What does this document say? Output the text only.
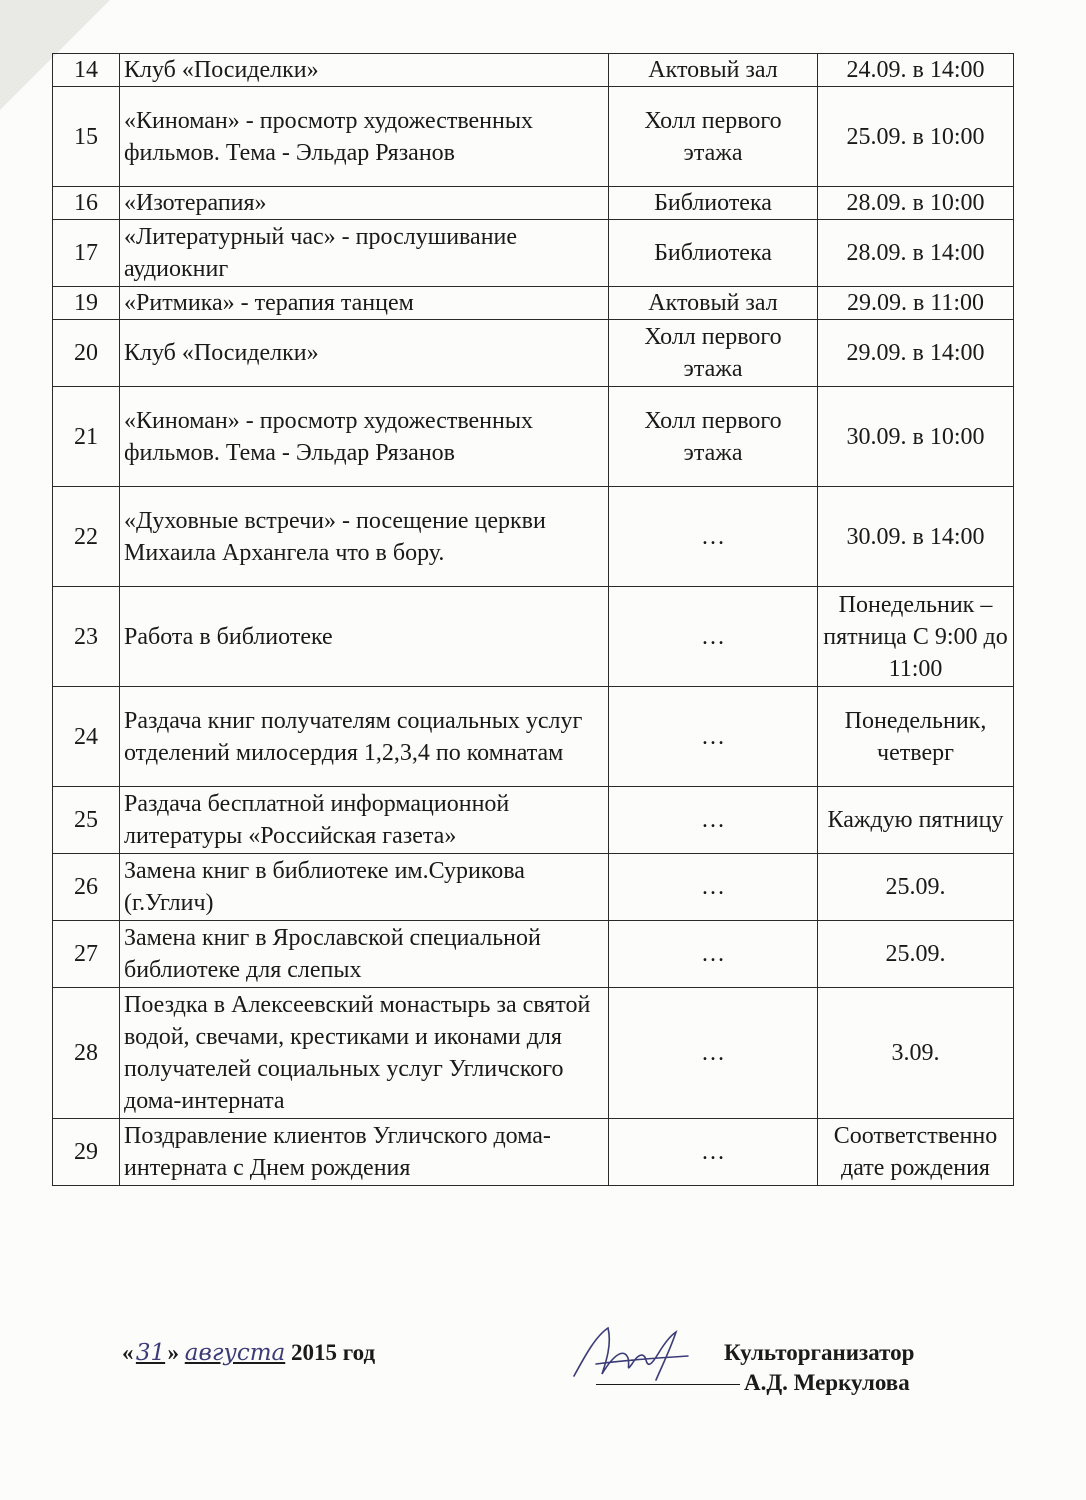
14	Клуб «Посиделки»	Актовый зал	24.09. в 14:00
15	«Киноман» - просмотр художественных фильмов. Тема - Эльдар Рязанов	Холл первого этажа	25.09. в 10:00
16	«Изотерапия»	Библиотека	28.09. в 10:00
17	«Литературный час» - прослушивание аудиокниг	Библиотека	28.09. в 14:00
19	«Ритмика» - терапия танцем	Актовый зал	29.09. в 11:00
20	Клуб «Посиделки»	Холл первого этажа	29.09. в 14:00
21	«Киноман» - просмотр художественных фильмов. Тема - Эльдар Рязанов	Холл первого этажа	30.09. в 10:00
22	«Духовные встречи» - посещение церкви Михаила Архангела что в бору.	…	30.09. в 14:00
23	Работа в библиотеке	…	Понедельник – пятница С 9:00 до 11:00
24	Раздача книг получателям социальных услуг отделений милосердия 1,2,3,4 по комнатам	…	Понедельник, четверг
25	Раздача бесплатной информационной литературы «Российская газета»	…	Каждую пятницу
26	Замена книг в библиотеке им.Сурикова (г.Углич)	…	25.09.
27	Замена книг в Ярославской специальной библиотеке для слепых	…	25.09.
28	Поездка в Алексеевский монастырь за святой водой, свечами, крестиками и иконами для получателей социальных услуг Угличского дома-интерната	…	3.09.
29	Поздравление клиентов Угличского дома-интерната с Днем рождения	…	Соответственно дате рождения
« 31 » августа 2015 год	Культорганизатор
А.Д. Меркулова
